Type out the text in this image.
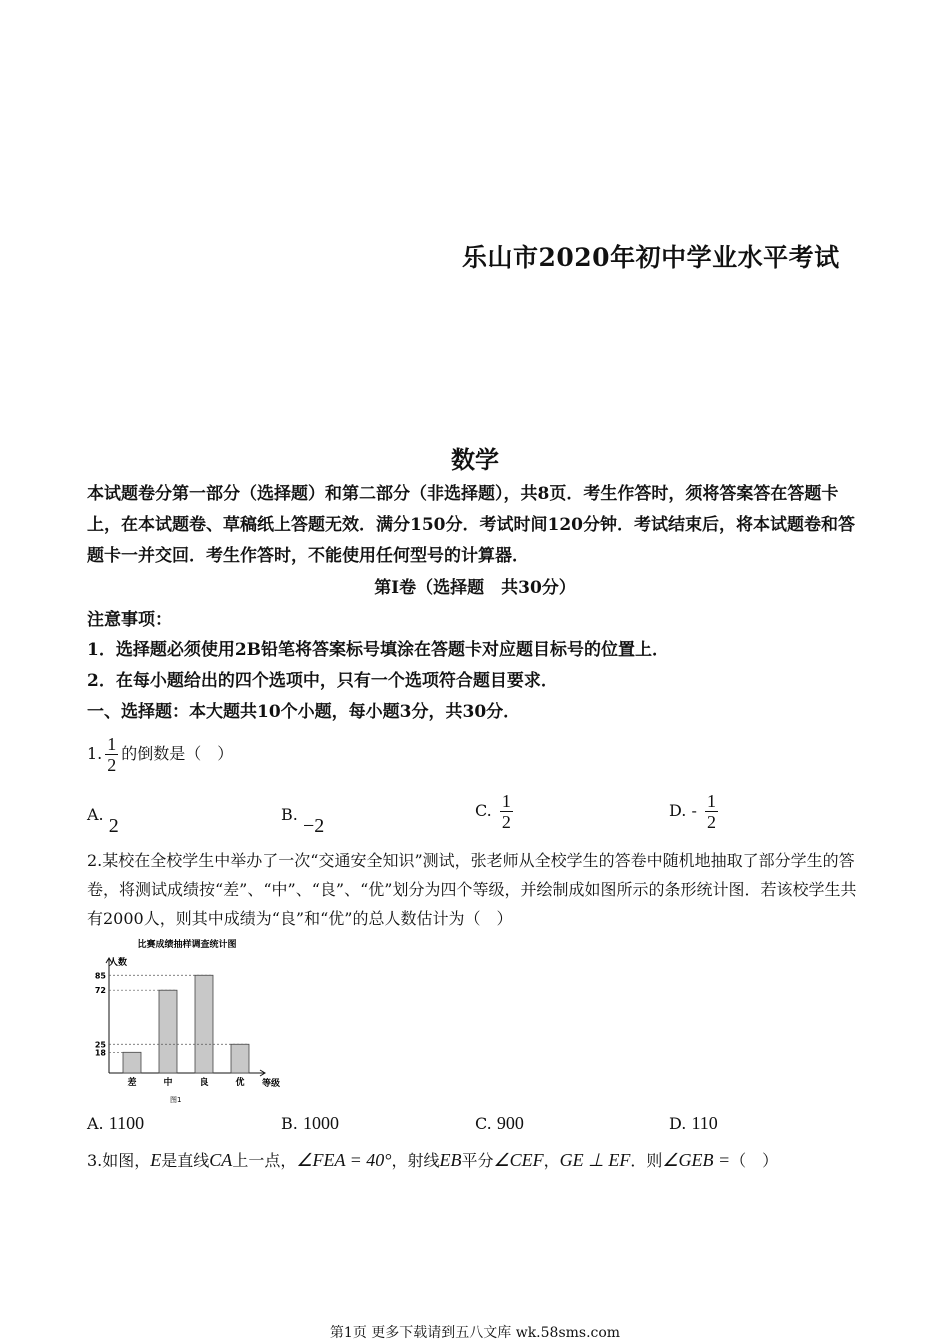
乐山市2020年初中学业水平考试
数学
本试题卷分第一部分（选择题）和第二部分（非选择题），共8页．考生作答时，须将答案答在答题卡上，在本试题卷、草稿纸上答题无效．满分150分．考试时间120分钟．考试结束后，将本试题卷和答题卡一并交回．考生作答时，不能使用任何型号的计算器．
第Ⅰ卷（选择题　共30分）
注意事项：
1．选择题必须使用2B铅笔将答案标号填涂在答题卡对应题目标号的位置上．
2．在每小题给出的四个选项中，只有一个选项符合题目要求．
一、选择题：本大题共10个小题，每小题3分，共30分．
1. $\frac{1}{2}$ 的倒数是（　）
A. 2
B. −2
C. $\frac{1}{2}$	D. - $\frac{1}{2}$
2.某校在全校学生中举办了一次“交通安全知识”测试，张老师从全校学生的答卷中随机地抽取了部分学生的答卷，将测试成绩按“差”、“中”、“良”、“优”划分为四个等级，并绘制成如图所示的条形统计图．若该校学生共有2000人，则其中成绩为“良”和“优”的总人数估计为（　）
比赛成绩抽样调查统计图
人数
等级
图1
差	中	良	优
18
25
72
85
A. 1100	B. 1000	C. 900	D. 110
3.如图，E是直线CA上一点，∠FEA = 40°，射线EB平分∠CEF，GE ⊥ EF．则∠GEB =（　）
第1页 更多下载请到五八文库 wk.58sms.com
